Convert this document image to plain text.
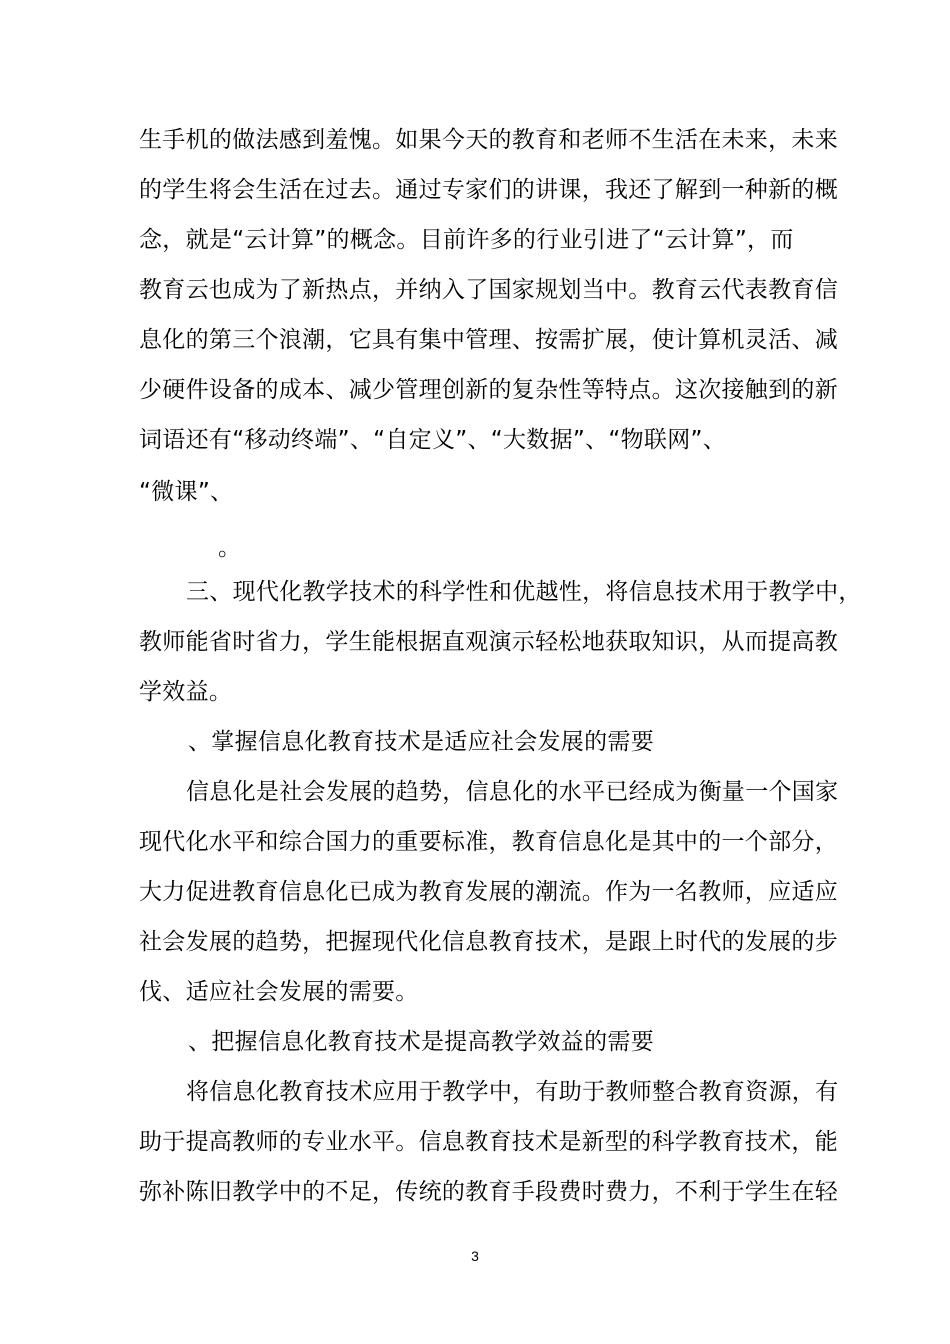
生手机的做法感到羞愧。如果今天的教育和老师不生活在未来，未来
的学生将会生活在过去。通过专家们的讲课，我还了解到一种新的概
念，就是“云计算”的概念。目前许多的行业引进了“云计算”，而
教育云也成为了新热点，并纳入了国家规划当中。教育云代表教育信
息化的第三个浪潮，它具有集中管理、按需扩展，使计算机灵活、减
少硬件设备的成本、减少管理创新的复杂性等特点。这次接触到的新
词语还有“移动终端”、“自定义”、“大数据”、“物联网”、
“微课”、
。
三、现代化教学技术的科学性和优越性，将信息技术用于教学中，
教师能省时省力，学生能根据直观演示轻松地获取知识，从而提高教
学效益。
、掌握信息化教育技术是适应社会发展的需要
信息化是社会发展的趋势，信息化的水平已经成为衡量一个国家
现代化水平和综合国力的重要标准，教育信息化是其中的一个部分，
大力促进教育信息化已成为教育发展的潮流。作为一名教师，应适应
社会发展的趋势，把握现代化信息教育技术，是跟上时代的发展的步
伐、适应社会发展的需要。
、把握信息化教育技术是提高教学效益的需要
将信息化教育技术应用于教学中，有助于教师整合教育资源，有
助于提高教师的专业水平。信息教育技术是新型的科学教育技术，能
弥补陈旧教学中的不足，传统的教育手段费时费力，不利于学生在轻
3
